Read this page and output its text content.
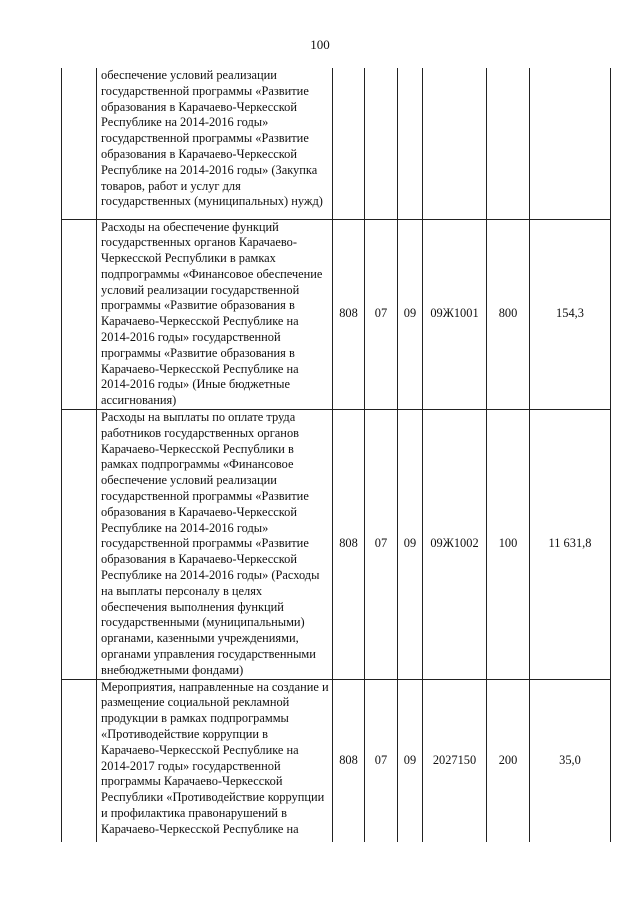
100
	обеспечение условий реализации государственной программы «Развитие образования в Карачаево-Черкесской Республике на 2014-2016 годы» государственной программы «Развитие образования в Карачаево-Черкесской Республике на 2014-2016 годы» (Закупка товаров, работ и услуг для государственных (муниципальных) нужд)						
	Расходы на обеспечение функций государственных органов Карачаево-Черкесской Республики в рамках подпрограммы «Финансовое обеспечение условий реализации государственной программы «Развитие образования в Карачаево-Черкесской Республике на 2014-2016 годы» государственной программы «Развитие образования в Карачаево-Черкесской Республике на 2014-2016 годы» (Иные бюджетные ассигнования)	808	07	09	09Ж1001	800	154,3
	Расходы на выплаты по оплате труда работников государственных органов Карачаево-Черкесской Республики в рамках подпрограммы «Финансовое обеспечение условий реализации государственной программы «Развитие образования в Карачаево-Черкесской Республике на 2014-2016 годы» государственной программы «Развитие образования в Карачаево-Черкесской Республике на 2014-2016 годы» (Расходы на выплаты персоналу в целях обеспечения выполнения функций государственными (муниципальными) органами, казенными учреждениями, органами управления государственными внебюджетными фондами)	808	07	09	09Ж1002	100	11 631,8
	Мероприятия, направленные на создание и размещение социальной рекламной продукции в рамках подпрограммы «Противодействие коррупции в Карачаево-Черкесской Республике на 2014-2017 годы» государственной программы Карачаево-Черкесской Республики «Противодействие коррупции и профилактика правонарушений в Карачаево-Черкесской Республике на	808	07	09	2027150	200	35,0
